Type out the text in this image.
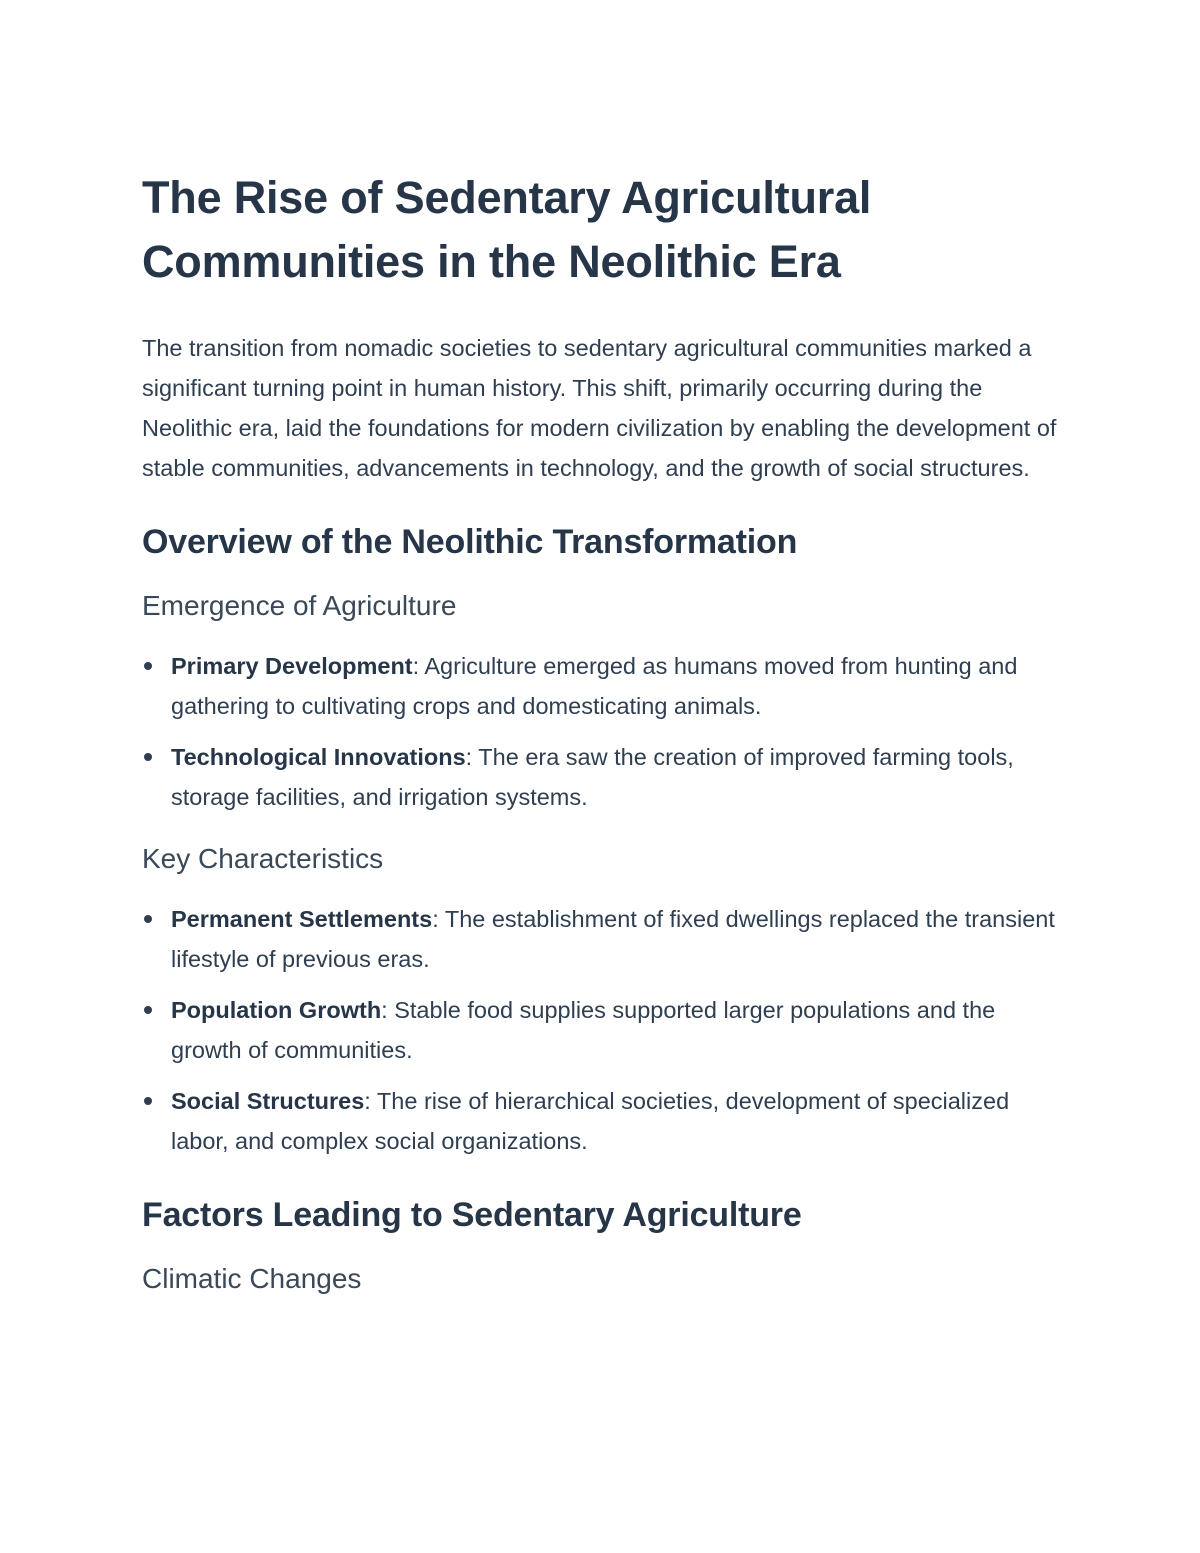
The Rise of Sedentary Agricultural Communities in the Neolithic Era

The transition from nomadic societies to sedentary agricultural communities marked a significant turning point in human history. This shift, primarily occurring during the Neolithic era, laid the foundations for modern civilization by enabling the development of stable communities, advancements in technology, and the growth of social structures.

Overview of the Neolithic Transformation
Emergence of Agriculture
Primary Development: Agriculture emerged as humans moved from hunting and gathering to cultivating crops and domesticating animals.
Technological Innovations: The era saw the creation of improved farming tools, storage facilities, and irrigation systems.
Key Characteristics
Permanent Settlements: The establishment of fixed dwellings replaced the transient lifestyle of previous eras.
Population Growth: Stable food supplies supported larger populations and the growth of communities.
Social Structures: The rise of hierarchical societies, development of specialized labor, and complex social organizations.
Factors Leading to Sedentary Agriculture
Climatic Changes
